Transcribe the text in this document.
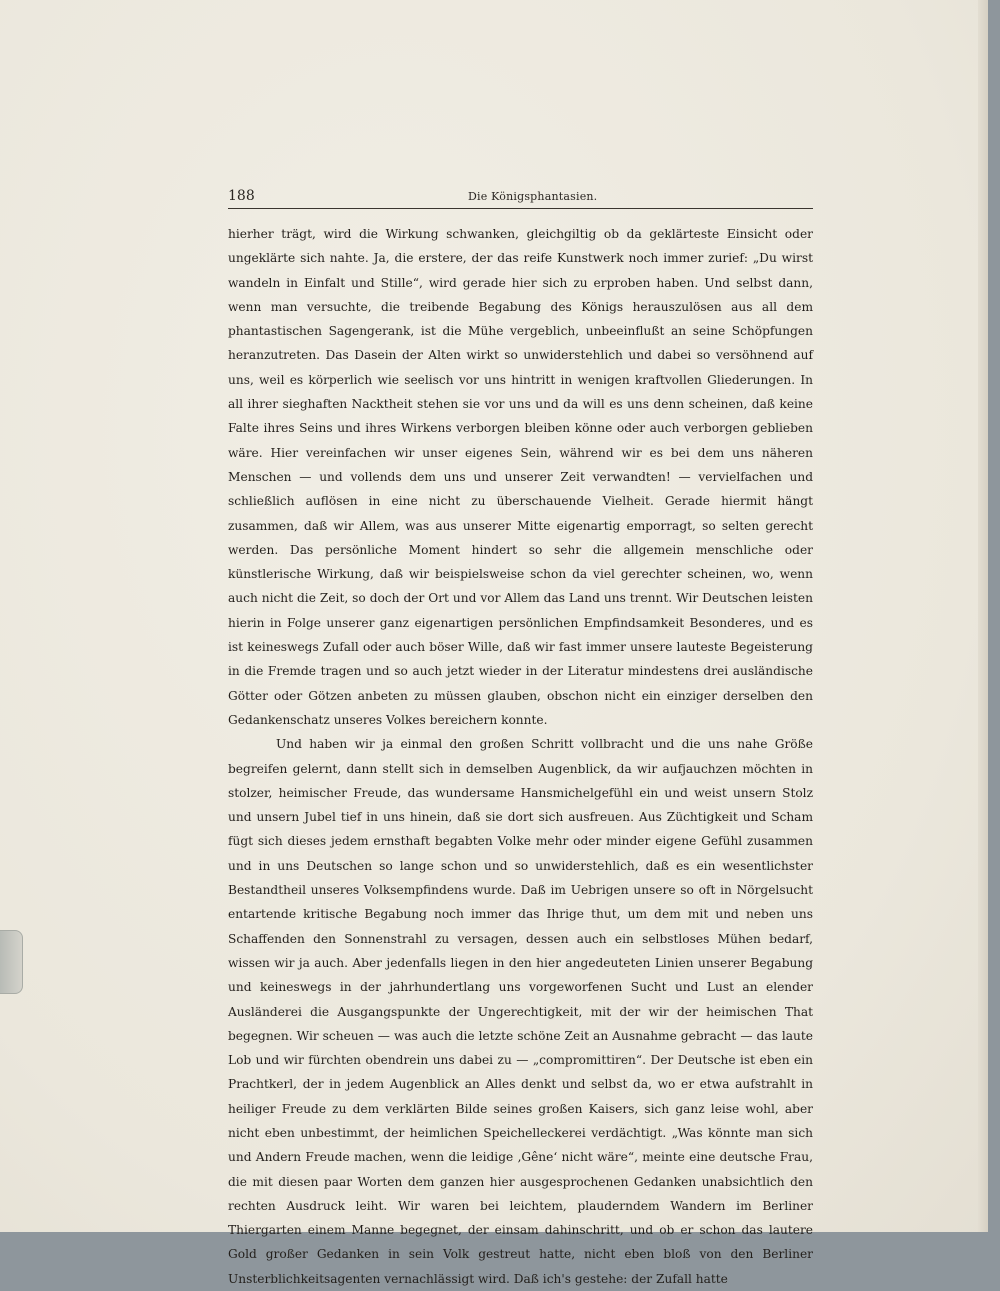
188	Die Königsphantasien.

hierher trägt, wird die Wirkung schwanken, gleichgiltig ob da geklärteste Einsicht oder ungeklärte sich nahte. Ja, die erstere, der das reife Kunstwerk noch immer zurief: „Du wirst wandeln in Einfalt und Stille“, wird gerade hier sich zu erproben haben. Und selbst dann, wenn man versuchte, die treibende Begabung des Königs herauszulösen aus all dem phantastischen Sagengerank, ist die Mühe vergeblich, unbeeinflußt an seine Schöpfungen heranzutreten. Das Dasein der Alten wirkt so unwiderstehlich und dabei so versöhnend auf uns, weil es körperlich wie seelisch vor uns hintritt in wenigen kraftvollen Gliederungen. In all ihrer sieghaften Nacktheit stehen sie vor uns und da will es uns denn scheinen, daß keine Falte ihres Seins und ihres Wirkens verborgen bleiben könne oder auch verborgen geblieben wäre. Hier vereinfachen wir unser eigenes Sein, während wir es bei dem uns näheren Menschen — und vollends dem uns und unserer Zeit verwandten! — vervielfachen und schließlich auflösen in eine nicht zu überschauende Vielheit. Gerade hiermit hängt zusammen, daß wir Allem, was aus unserer Mitte eigenartig emporragt, so selten gerecht werden. Das persönliche Moment hindert so sehr die allgemein menschliche oder künstlerische Wirkung, daß wir beispielsweise schon da viel gerechter scheinen, wo, wenn auch nicht die Zeit, so doch der Ort und vor Allem das Land uns trennt. Wir Deutschen leisten hierin in Folge unserer ganz eigenartigen persönlichen Empfindsamkeit Besonderes, und es ist keineswegs Zufall oder auch böser Wille, daß wir fast immer unsere lauteste Begeisterung in die Fremde tragen und so auch jetzt wieder in der Literatur mindestens drei ausländische Götter oder Götzen anbeten zu müssen glauben, obschon nicht ein einziger derselben den Gedankenschatz unseres Volkes bereichern konnte.

Und haben wir ja einmal den großen Schritt vollbracht und die uns nahe Größe begreifen gelernt, dann stellt sich in demselben Augenblick, da wir aufjauchzen möchten in stolzer, heimischer Freude, das wundersame Hansmichelgefühl ein und weist unsern Stolz und unsern Jubel tief in uns hinein, daß sie dort sich ausfreuen. Aus Züchtigkeit und Scham fügt sich dieses jedem ernsthaft begabten Volke mehr oder minder eigene Gefühl zusammen und in uns Deutschen so lange schon und so unwiderstehlich, daß es ein wesentlichster Bestandtheil unseres Volksempfindens wurde. Daß im Uebrigen unsere so oft in Nörgelsucht entartende kritische Begabung noch immer das Ihrige thut, um dem mit und neben uns Schaffenden den Sonnenstrahl zu versagen, dessen auch ein selbstloses Mühen bedarf, wissen wir ja auch. Aber jedenfalls liegen in den hier angedeuteten Linien unserer Begabung und keineswegs in der jahrhundertlang uns vorgeworfenen Sucht und Lust an elender Ausländerei die Ausgangspunkte der Ungerechtigkeit, mit der wir der heimischen That begegnen. Wir scheuen — was auch die letzte schöne Zeit an Ausnahme gebracht — das laute Lob und wir fürchten obendrein uns dabei zu — „compromittiren“. Der Deutsche ist eben ein Prachtkerl, der in jedem Augenblick an Alles denkt und selbst da, wo er etwa aufstrahlt in heiliger Freude zu dem verklärten Bilde seines großen Kaisers, sich ganz leise wohl, aber nicht eben unbestimmt, der heimlichen Speichelleckerei verdächtigt. „Was könnte man sich und Andern Freude machen, wenn die leidige ‚Gêne‘ nicht wäre“, meinte eine deutsche Frau, die mit diesen paar Worten dem ganzen hier ausgesprochenen Gedanken unabsichtlich den rechten Ausdruck leiht. Wir waren bei leichtem, plauderndem Wandern im Berliner Thiergarten einem Manne begegnet, der einsam dahinschritt, und ob er schon das lautere Gold großer Gedanken in sein Volk gestreut hatte, nicht eben bloß von den Berliner Unsterblichkeitsagenten vernachlässigt wird. Daß ich's gestehe: der Zufall hatte
